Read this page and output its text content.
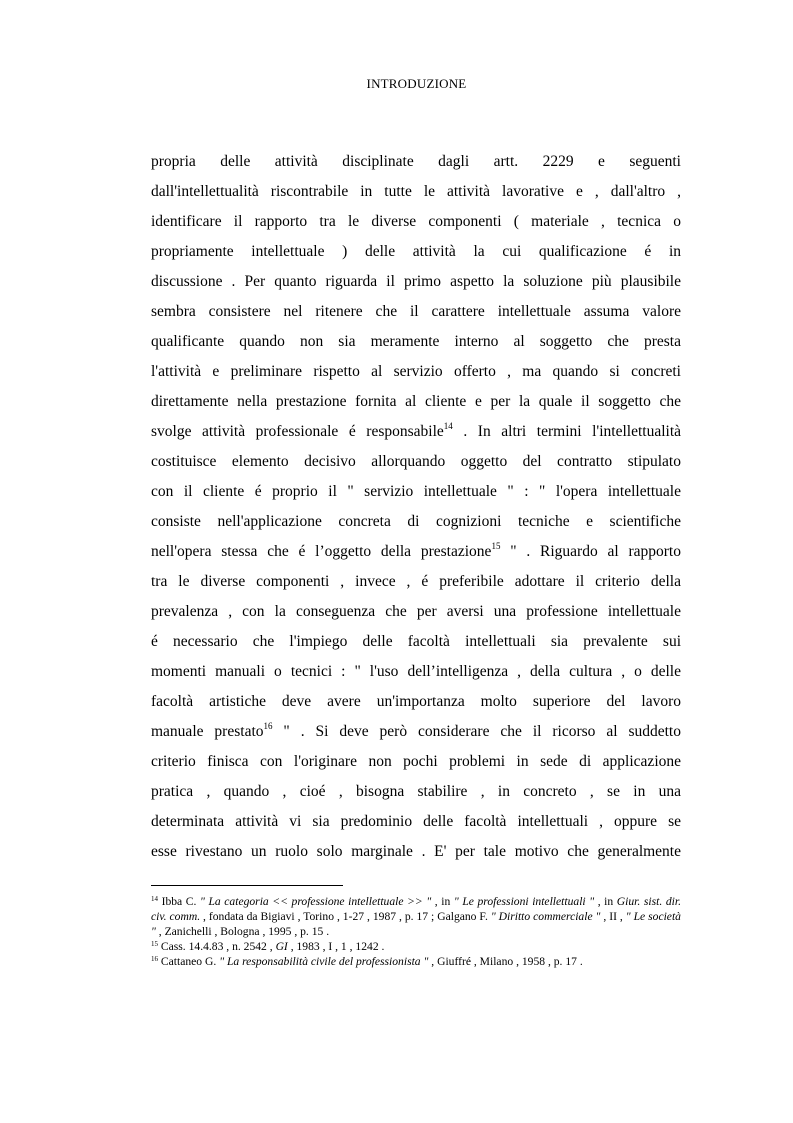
INTRODUZIONE
propria delle attività disciplinate dagli artt. 2229 e seguenti
dall'intellettualità riscontrabile in tutte le attività lavorative e , dall'altro ,
identificare il rapporto tra le diverse componenti ( materiale , tecnica o
propriamente intellettuale ) delle attività la cui qualificazione é in
discussione . Per quanto riguarda il primo aspetto la soluzione più plausibile
sembra consistere nel ritenere che il carattere intellettuale assuma valore
qualificante quando non sia meramente interno al soggetto che presta
l'attività e preliminare rispetto al servizio offerto , ma quando si concreti
direttamente nella prestazione fornita al cliente e per la quale il soggetto che
svolge attività professionale é responsabile$^{14}$ . In altri termini l'intellettualità
costituisce elemento decisivo allorquando oggetto del contratto stipulato
con il cliente é proprio il " servizio intellettuale " : " l'opera intellettuale
consiste nell'applicazione concreta di cognizioni tecniche e scientifiche
nell'opera stessa che é l’oggetto della prestazione$^{15}$ " . Riguardo al rapporto
tra le diverse componenti , invece , é preferibile adottare il criterio della
prevalenza , con la conseguenza che per aversi una professione intellettuale
é necessario che l'impiego delle facoltà intellettuali sia prevalente sui
momenti manuali o tecnici : " l'uso dell’intelligenza , della cultura , o delle
facoltà artistiche deve avere un'importanza molto superiore del lavoro
manuale prestato$^{16}$ " . Si deve però considerare che il ricorso al suddetto
criterio finisca con l'originare non pochi problemi in sede di applicazione
pratica , quando , cioé , bisogna stabilire , in concreto , se in una
determinata attività vi sia predominio delle facoltà intellettuali , oppure se
esse rivestano un ruolo solo marginale . E' per tale motivo che generalmente
$^{14}$ Ibba C. " La categoria << professione intellettuale >> " , in " Le professioni intellettuali " , in Giur. sist. dir. civ. comm. , fondata da Bigiavi , Torino , 1-27 , 1987 , p. 17 ; Galgano F. " Diritto commerciale " , II , " Le società " , Zanichelli , Bologna , 1995 , p. 15 .
$^{15}$ Cass. 14.4.83 , n. 2542 , GI , 1983 , I , 1 , 1242 .
$^{16}$ Cattaneo G. " La responsabilità civile del professionista " , Giuffré , Milano , 1958 , p. 17 .
